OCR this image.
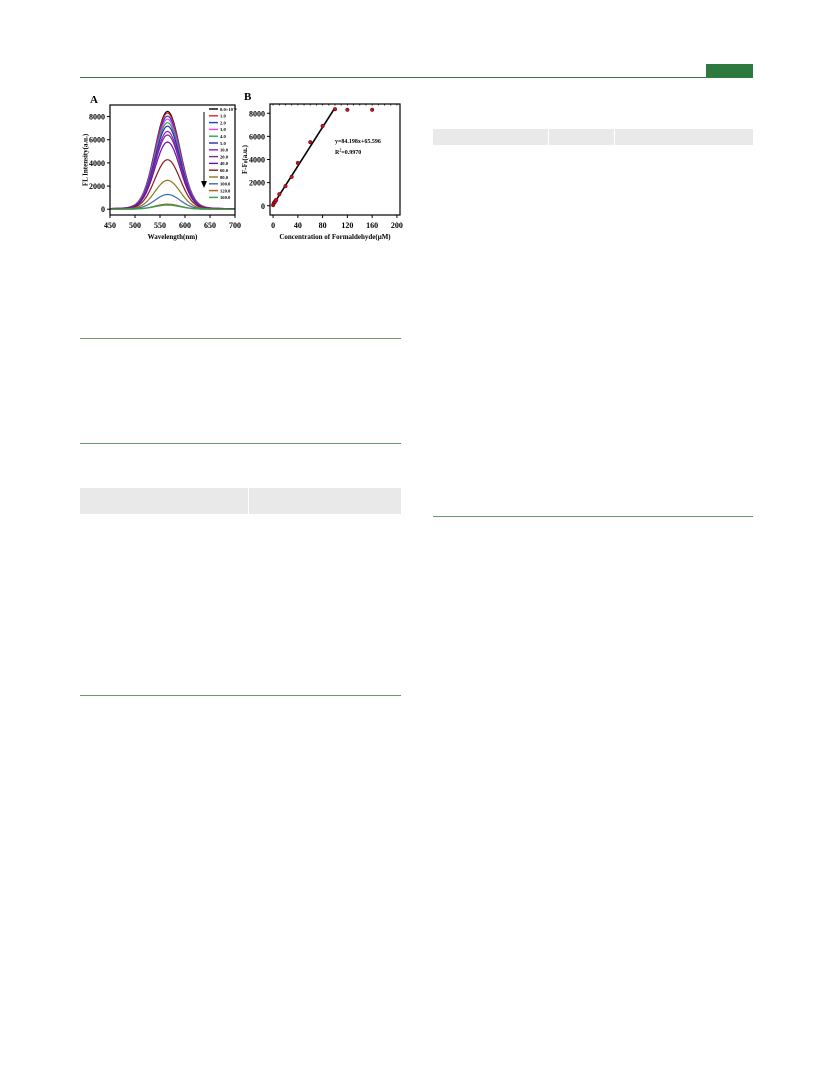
A
450 500 550 600 650 700
0
2000
4000
6000
8000
Wavelength(nm)
FL Intensity(a.u.)
0.0×10⁻⁶
1.0
2.0
3.0
4.0
5.0
10.0
20.0
40.0
60.0
80.0
100.0
120.0
160.0
B
0 40 80 120 160 200
0
2000
4000
6000
8000
y=84.198x+65.596
$R^2=0.9970$
Concentration of Formaldehyde(μM)
$F-F_0(a.u.)$
